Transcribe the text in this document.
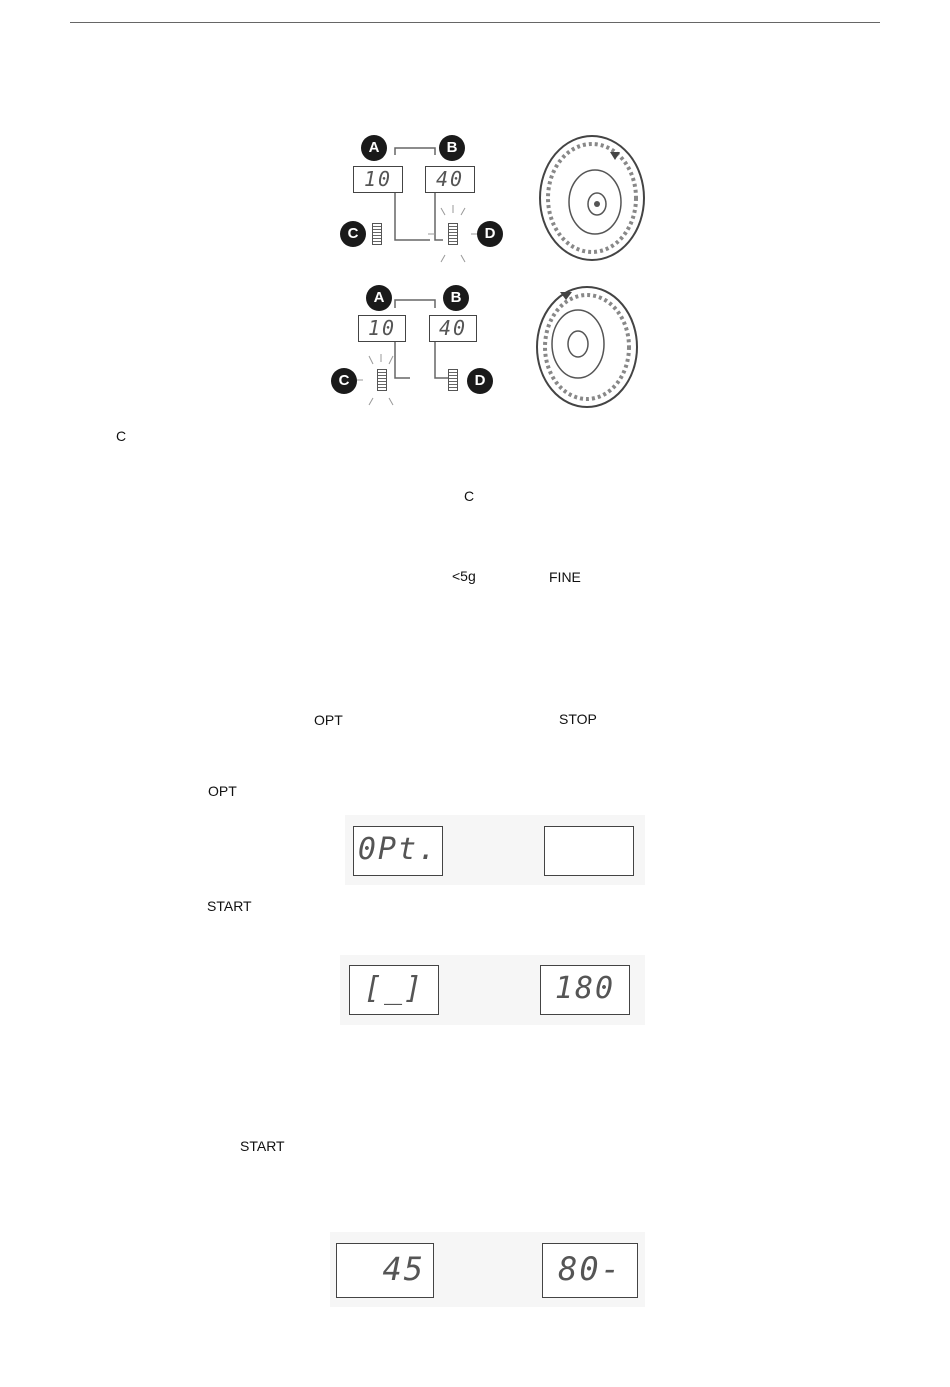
A	B
10	40
C	D
A	B
10	40
C	D
C
C
<5g	FINE
OPT	STOP
OPT
0Pt.
START
[_]	180
START
45	80-
